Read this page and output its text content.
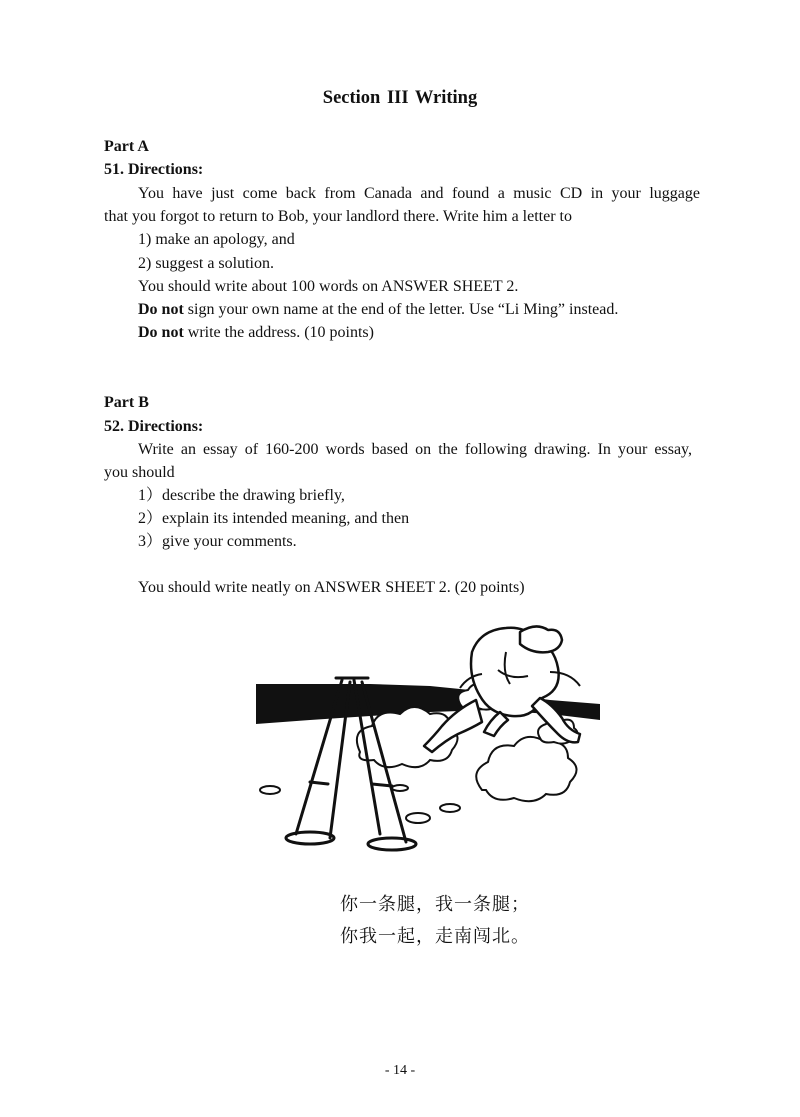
Section III Writing
Part A
51. Directions:
You have just come back from Canada and found a music CD in your luggage
that you forgot to return to Bob, your landlord there. Write him a letter to
1) make an apology, and
2) suggest a solution.
You should write about 100 words on ANSWER SHEET 2.
Do not sign your own name at the end of the letter. Use “Li Ming” instead.
Do not write the address. (10 points)
Part B
52. Directions:
Write an essay of 160-200 words based on the following drawing. In your essay,
you should
1）describe the drawing briefly,
2）explain its intended meaning, and then
3）give your comments.
You should write neatly on ANSWER SHEET 2. (20 points)
你一条腿，我一条腿；
你我一起，走南闯北。
- 14 -
